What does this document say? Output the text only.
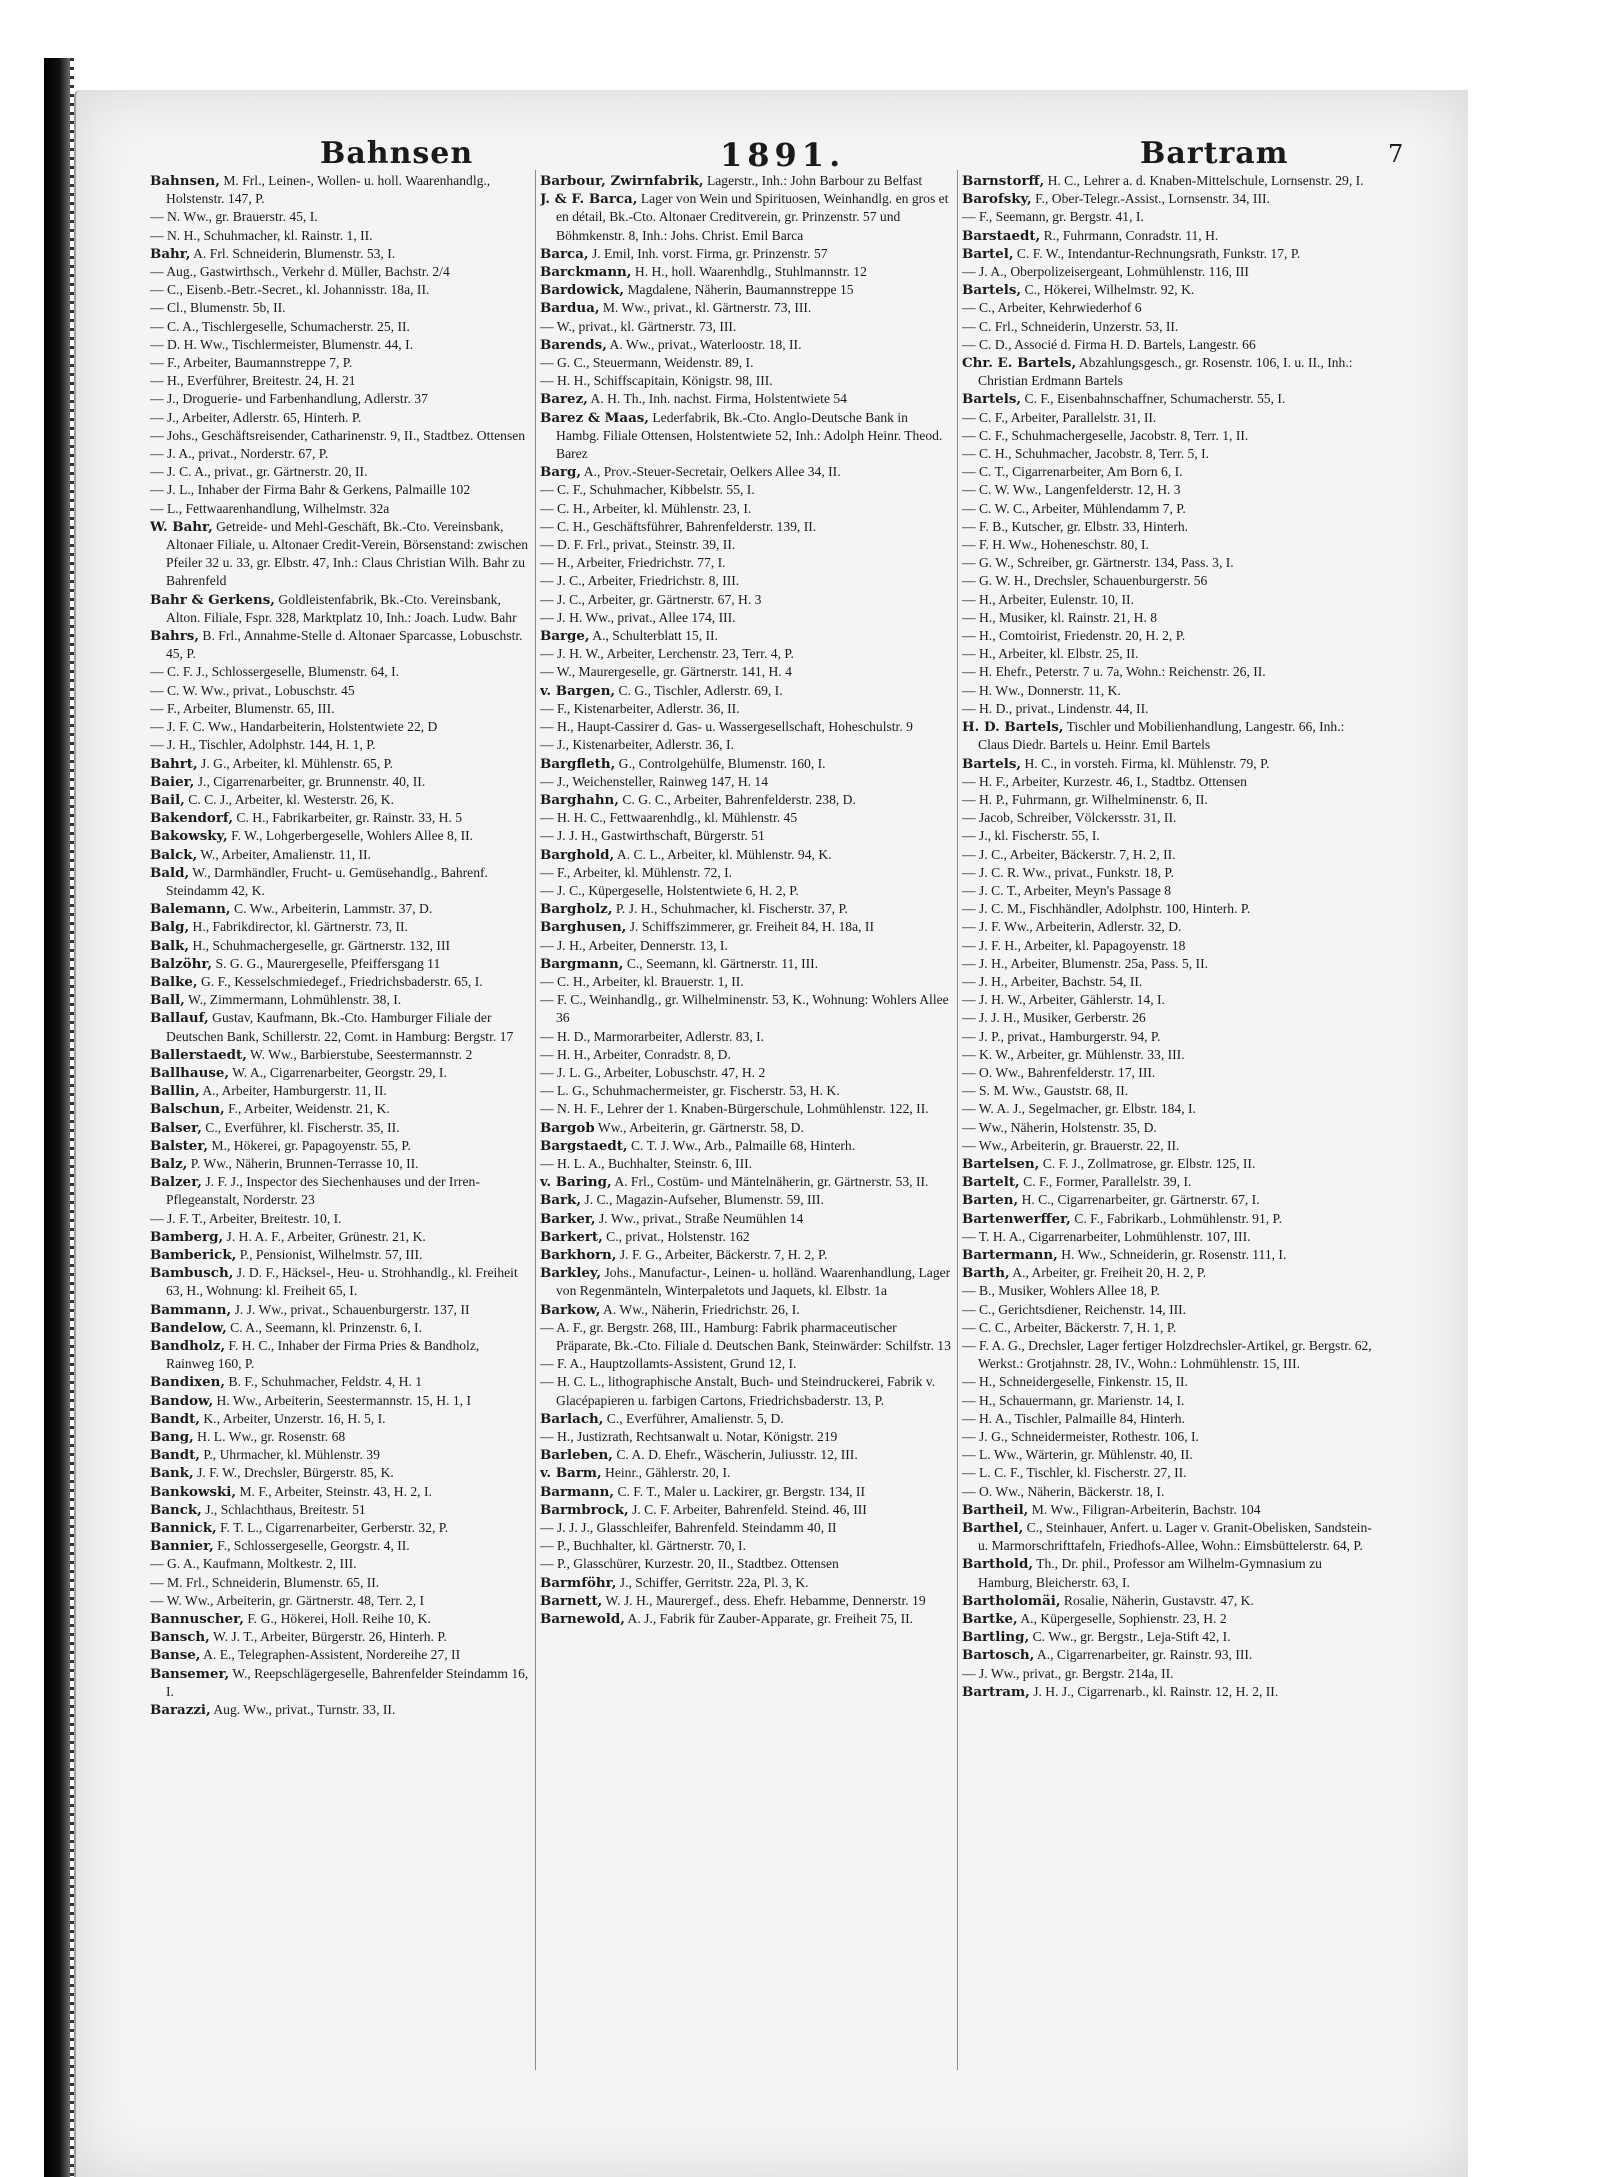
Bahnsen	1891.	Bartram	7

Bahnsen, M. Frl., Leinen-, Wollen- u. holl. Waarenhandlg., Holstenstr. 147, P.

— N. Ww., gr. Brauerstr. 45, I.

— N. H., Schuhmacher, kl. Rainstr. 1, II.

Bahr, A. Frl. Schneiderin, Blumenstr. 53, I.

— Aug., Gastwirthsch., Verkehr d. Müller, Bachstr. 2/4

— C., Eisenb.-Betr.-Secret., kl. Johannisstr. 18a, II.

— Cl., Blumenstr. 5b, II.

— C. A., Tischlergeselle, Schumacherstr. 25, II.

— D. H. Ww., Tischlermeister, Blumenstr. 44, I.

— F., Arbeiter, Baumannstreppe 7, P.

— H., Everführer, Breitestr. 24, H. 21

— J., Droguerie- und Farbenhandlung, Adlerstr. 37

— J., Arbeiter, Adlerstr. 65, Hinterh. P.

— Johs., Geschäftsreisender, Catharinenstr. 9, II., Stadtbez. Ottensen

— J. A., privat., Norderstr. 67, P.

— J. C. A., privat., gr. Gärtnerstr. 20, II.

— J. L., Inhaber der Firma Bahr & Gerkens, Palmaille 102

— L., Fettwaarenhandlung, Wilhelmstr. 32a

W. Bahr, Getreide- und Mehl-Geschäft, Bk.-Cto. Vereinsbank, Altonaer Filiale, u. Altonaer Credit-Verein, Börsenstand: zwischen Pfeiler 32 u. 33, gr. Elbstr. 47, Inh.: Claus Christian Wilh. Bahr zu Bahrenfeld

Bahr & Gerkens, Goldleistenfabrik, Bk.-Cto. Vereinsbank, Alton. Filiale, Fspr. 328, Marktplatz 10, Inh.: Joach. Ludw. Bahr

Bahrs, B. Frl., Annahme-Stelle d. Altonaer Sparcasse, Lobuschstr. 45, P.

— C. F. J., Schlossergeselle, Blumenstr. 64, I.

— C. W. Ww., privat., Lobuschstr. 45

— F., Arbeiter, Blumenstr. 65, III.

— J. F. C. Ww., Handarbeiterin, Holstentwiete 22, D

— J. H., Tischler, Adolphstr. 144, H. 1, P.

Bahrt, J. G., Arbeiter, kl. Mühlenstr. 65, P.

Baier, J., Cigarrenarbeiter, gr. Brunnenstr. 40, II.

Bail, C. C. J., Arbeiter, kl. Westerstr. 26, K.

Bakendorf, C. H., Fabrikarbeiter, gr. Rainstr. 33, H. 5

Bakowsky, F. W., Lohgerbergeselle, Wohlers Allee 8, II.

Balck, W., Arbeiter, Amalienstr. 11, II.

Bald, W., Darmhändler, Frucht- u. Gemüsehandlg., Bahrenf. Steindamm 42, K.

Balemann, C. Ww., Arbeiterin, Lammstr. 37, D.

Balg, H., Fabrikdirector, kl. Gärtnerstr. 73, II.

Balk, H., Schuhmachergeselle, gr. Gärtnerstr. 132, III

Balzöhr, S. G. G., Maurergeselle, Pfeiffersgang 11

Balke, G. F., Kesselschmiedegef., Friedrichsbaderstr. 65, I.

Ball, W., Zimmermann, Lohmühlenstr. 38, I.

Ballauf, Gustav, Kaufmann, Bk.-Cto. Hamburger Filiale der Deutschen Bank, Schillerstr. 22, Comt. in Hamburg: Bergstr. 17

Ballerstaedt, W. Ww., Barbierstube, Seestermannstr. 2

Ballhause, W. A., Cigarrenarbeiter, Georgstr. 29, I.

Ballin, A., Arbeiter, Hamburgerstr. 11, II.

Balschun, F., Arbeiter, Weidenstr. 21, K.

Balser, C., Everführer, kl. Fischerstr. 35, II.

Balster, M., Hökerei, gr. Papagoyenstr. 55, P.

Balz, P. Ww., Näherin, Brunnen-Terrasse 10, II.

Balzer, J. F. J., Inspector des Siechenhauses und der Irren-Pflegeanstalt, Norderstr. 23

— J. F. T., Arbeiter, Breitestr. 10, I.

Bamberg, J. H. A. F., Arbeiter, Grünestr. 21, K.

Bamberick, P., Pensionist, Wilhelmstr. 57, III.

Bambusch, J. D. F., Häcksel-, Heu- u. Strohhandlg., kl. Freiheit 63, H., Wohnung: kl. Freiheit 65, I.

Bammann, J. J. Ww., privat., Schauenburgerstr. 137, II

Bandelow, C. A., Seemann, kl. Prinzenstr. 6, I.

Bandholz, F. H. C., Inhaber der Firma Pries & Bandholz, Rainweg 160, P.

Bandixen, B. F., Schuhmacher, Feldstr. 4, H. 1

Bandow, H. Ww., Arbeiterin, Seestermannstr. 15, H. 1, I

Bandt, K., Arbeiter, Unzerstr. 16, H. 5, I.

Bang, H. L. Ww., gr. Rosenstr. 68

Bandt, P., Uhrmacher, kl. Mühlenstr. 39

Bank, J. F. W., Drechsler, Bürgerstr. 85, K.

Bankowski, M. F., Arbeiter, Steinstr. 43, H. 2, I.

Banck, J., Schlachthaus, Breitestr. 51

Bannick, F. T. L., Cigarrenarbeiter, Gerberstr. 32, P.

Bannier, F., Schlossergeselle, Georgstr. 4, II.

— G. A., Kaufmann, Moltkestr. 2, III.

— M. Frl., Schneiderin, Blumenstr. 65, II.

— W. Ww., Arbeiterin, gr. Gärtnerstr. 48, Terr. 2, I

Bannuscher, F. G., Hökerei, Holl. Reihe 10, K.

Bansch, W. J. T., Arbeiter, Bürgerstr. 26, Hinterh. P.

Banse, A. E., Telegraphen-Assistent, Nordereihe 27, II

Bansemer, W., Reepschlägergeselle, Bahrenfelder Steindamm 16, I.

Barazzi, Aug. Ww., privat., Turnstr. 33, II.

Barbour, Zwirnfabrik, Lagerstr., Inh.: John Barbour zu Belfast

J. & F. Barca, Lager von Wein und Spirituosen, Weinhandlg. en gros et en détail, Bk.-Cto. Altonaer Creditverein, gr. Prinzenstr. 57 und Böhmkenstr. 8, Inh.: Johs. Christ. Emil Barca

Barca, J. Emil, Inh. vorst. Firma, gr. Prinzenstr. 57

Barckmann, H. H., holl. Waarenhdlg., Stuhlmannstr. 12

Bardowick, Magdalene, Näherin, Baumannstreppe 15

Bardua, M. Ww., privat., kl. Gärtnerstr. 73, III.

— W., privat., kl. Gärtnerstr. 73, III.

Barends, A. Ww., privat., Waterloostr. 18, II.

— G. C., Steuermann, Weidenstr. 89, I.

— H. H., Schiffscapitain, Königstr. 98, III.

Barez, A. H. Th., Inh. nachst. Firma, Holstentwiete 54

Barez & Maas, Lederfabrik, Bk.-Cto. Anglo-Deutsche Bank in Hambg. Filiale Ottensen, Holstentwiete 52, Inh.: Adolph Heinr. Theod. Barez

Barg, A., Prov.-Steuer-Secretair, Oelkers Allee 34, II.

— C. F., Schuhmacher, Kibbelstr. 55, I.

— C. H., Arbeiter, kl. Mühlenstr. 23, I.

— C. H., Geschäftsführer, Bahrenfelderstr. 139, II.

— D. F. Frl., privat., Steinstr. 39, II.

— H., Arbeiter, Friedrichstr. 77, I.

— J. C., Arbeiter, Friedrichstr. 8, III.

— J. C., Arbeiter, gr. Gärtnerstr. 67, H. 3

— J. H. Ww., privat., Allee 174, III.

Barge, A., Schulterblatt 15, II.

— J. H. W., Arbeiter, Lerchenstr. 23, Terr. 4, P.

— W., Maurergeselle, gr. Gärtnerstr. 141, H. 4

v. Bargen, C. G., Tischler, Adlerstr. 69, I.

— F., Kistenarbeiter, Adlerstr. 36, II.

— H., Haupt-Cassirer d. Gas- u. Wassergesellschaft, Hoheschulstr. 9

— J., Kistenarbeiter, Adlerstr. 36, I.

Bargfleth, G., Controlgehülfe, Blumenstr. 160, I.

— J., Weichensteller, Rainweg 147, H. 14

Barghahn, C. G. C., Arbeiter, Bahrenfelderstr. 238, D.

— H. H. C., Fettwaarenhdlg., kl. Mühlenstr. 45

— J. J. H., Gastwirthschaft, Bürgerstr. 51

Barghold, A. C. L., Arbeiter, kl. Mühlenstr. 94, K.

— F., Arbeiter, kl. Mühlenstr. 72, I.

— J. C., Küpergeselle, Holstentwiete 6, H. 2, P.

Bargholz, P. J. H., Schuhmacher, kl. Fischerstr. 37, P.

Barghusen, J. Schiffszimmerer, gr. Freiheit 84, H. 18a, II

— J. H., Arbeiter, Dennerstr. 13, I.

Bargmann, C., Seemann, kl. Gärtnerstr. 11, III.

— C. H., Arbeiter, kl. Brauerstr. 1, II.

— F. C., Weinhandlg., gr. Wilhelminenstr. 53, K., Wohnung: Wohlers Allee 36

— H. D., Marmorarbeiter, Adlerstr. 83, I.

— H. H., Arbeiter, Conradstr. 8, D.

— J. L. G., Arbeiter, Lobuschstr. 47, H. 2

— L. G., Schuhmachermeister, gr. Fischerstr. 53, H. K.

— N. H. F., Lehrer der 1. Knaben-Bürgerschule, Lohmühlenstr. 122, II.

Bargob Ww., Arbeiterin, gr. Gärtnerstr. 58, D.

Bargstaedt, C. T. J. Ww., Arb., Palmaille 68, Hinterh.

— H. L. A., Buchhalter, Steinstr. 6, III.

v. Baring, A. Frl., Costüm- und Mäntelnäherin, gr. Gärtnerstr. 53, II.

Bark, J. C., Magazin-Aufseher, Blumenstr. 59, III.

Barker, J. Ww., privat., Straße Neumühlen 14

Barkert, C., privat., Holstenstr. 162

Barkhorn, J. F. G., Arbeiter, Bäckerstr. 7, H. 2, P.

Barkley, Johs., Manufactur-, Leinen- u. holländ. Waarenhandlung, Lager von Regenmänteln, Winterpaletots und Jaquets, kl. Elbstr. 1a

Barkow, A. Ww., Näherin, Friedrichstr. 26, I.

— A. F., gr. Bergstr. 268, III., Hamburg: Fabrik pharmaceutischer Präparate, Bk.-Cto. Filiale d. Deutschen Bank, Steinwärder: Schilfstr. 13

— F. A., Hauptzollamts-Assistent, Grund 12, I.

— H. C. L., lithographische Anstalt, Buch- und Steindruckerei, Fabrik v. Glacépapieren u. farbigen Cartons, Friedrichsbaderstr. 13, P.

Barlach, C., Everführer, Amalienstr. 5, D.

— H., Justizrath, Rechtsanwalt u. Notar, Königstr. 219

Barleben, C. A. D. Ehefr., Wäscherin, Juliusstr. 12, III.

v. Barm, Heinr., Gählerstr. 20, I.

Barmann, C. F. T., Maler u. Lackirer, gr. Bergstr. 134, II

Barmbrock, J. C. F. Arbeiter, Bahrenfeld. Steind. 46, III

— J. J. J., Glasschleifer, Bahrenfeld. Steindamm 40, II

— P., Buchhalter, kl. Gärtnerstr. 70, I.

— P., Glasschürer, Kurzestr. 20, II., Stadtbez. Ottensen

Barmföhr, J., Schiffer, Gerritstr. 22a, Pl. 3, K.

Barnett, W. J. H., Maurergef., dess. Ehefr. Hebamme, Dennerstr. 19

Barnewold, A. J., Fabrik für Zauber-Apparate, gr. Freiheit 75, II.

Barnstorff, H. C., Lehrer a. d. Knaben-Mittelschule, Lornsenstr. 29, I.

Barofsky, F., Ober-Telegr.-Assist., Lornsenstr. 34, III.

— F., Seemann, gr. Bergstr. 41, I.

Barstaedt, R., Fuhrmann, Conradstr. 11, H.

Bartel, C. F. W., Intendantur-Rechnungsrath, Funkstr. 17, P.

— J. A., Oberpolizeisergeant, Lohmühlenstr. 116, III

Bartels, C., Hökerei, Wilhelmstr. 92, K.

— C., Arbeiter, Kehrwiederhof 6

— C. Frl., Schneiderin, Unzerstr. 53, II.

— C. D., Associé d. Firma H. D. Bartels, Langestr. 66

Chr. E. Bartels, Abzahlungsgesch., gr. Rosenstr. 106, I. u. II., Inh.: Christian Erdmann Bartels

Bartels, C. F., Eisenbahnschaffner, Schumacherstr. 55, I.

— C. F., Arbeiter, Parallelstr. 31, II.

— C. F., Schuhmachergeselle, Jacobstr. 8, Terr. 1, II.

— C. H., Schuhmacher, Jacobstr. 8, Terr. 5, I.

— C. T., Cigarrenarbeiter, Am Born 6, I.

— C. W. Ww., Langenfelderstr. 12, H. 3

— C. W. C., Arbeiter, Mühlendamm 7, P.

— F. B., Kutscher, gr. Elbstr. 33, Hinterh.

— F. H. Ww., Hoheneschstr. 80, I.

— G. W., Schreiber, gr. Gärtnerstr. 134, Pass. 3, I.

— G. W. H., Drechsler, Schauenburgerstr. 56

— H., Arbeiter, Eulenstr. 10, II.

— H., Musiker, kl. Rainstr. 21, H. 8

— H., Comtoirist, Friedenstr. 20, H. 2, P.

— H., Arbeiter, kl. Elbstr. 25, II.

— H. Ehefr., Peterstr. 7 u. 7a, Wohn.: Reichenstr. 26, II.

— H. Ww., Donnerstr. 11, K.

— H. D., privat., Lindenstr. 44, II.

H. D. Bartels, Tischler und Mobilienhandlung, Langestr. 66, Inh.: Claus Diedr. Bartels u. Heinr. Emil Bartels

Bartels, H. C., in vorsteh. Firma, kl. Mühlenstr. 79, P.

— H. F., Arbeiter, Kurzestr. 46, I., Stadtbz. Ottensen

— H. P., Fuhrmann, gr. Wilhelminenstr. 6, II.

— Jacob, Schreiber, Völckersstr. 31, II.

— J., kl. Fischerstr. 55, I.

— J. C., Arbeiter, Bäckerstr. 7, H. 2, II.

— J. C. R. Ww., privat., Funkstr. 18, P.

— J. C. T., Arbeiter, Meyn's Passage 8

— J. C. M., Fischhändler, Adolphstr. 100, Hinterh. P.

— J. F. Ww., Arbeiterin, Adlerstr. 32, D.

— J. F. H., Arbeiter, kl. Papagoyenstr. 18

— J. H., Arbeiter, Blumenstr. 25a, Pass. 5, II.

— J. H., Arbeiter, Bachstr. 54, II.

— J. H. W., Arbeiter, Gählerstr. 14, I.

— J. J. H., Musiker, Gerberstr. 26

— J. P., privat., Hamburgerstr. 94, P.

— K. W., Arbeiter, gr. Mühlenstr. 33, III.

— O. Ww., Bahrenfelderstr. 17, III.

— S. M. Ww., Gauststr. 68, II.

— W. A. J., Segelmacher, gr. Elbstr. 184, I.

— Ww., Näherin, Holstenstr. 35, D.

— Ww., Arbeiterin, gr. Brauerstr. 22, II.

Bartelsen, C. F. J., Zollmatrose, gr. Elbstr. 125, II.

Bartelt, C. F., Former, Parallelstr. 39, I.

Barten, H. C., Cigarrenarbeiter, gr. Gärtnerstr. 67, I.

Bartenwerffer, C. F., Fabrikarb., Lohmühlenstr. 91, P.

— T. H. A., Cigarrenarbeiter, Lohmühlenstr. 107, III.

Bartermann, H. Ww., Schneiderin, gr. Rosenstr. 111, I.

Barth, A., Arbeiter, gr. Freiheit 20, H. 2, P.

— B., Musiker, Wohlers Allee 18, P.

— C., Gerichtsdiener, Reichenstr. 14, III.

— C. C., Arbeiter, Bäckerstr. 7, H. 1, P.

— F. A. G., Drechsler, Lager fertiger Holzdrechsler-Artikel, gr. Bergstr. 62, Werkst.: Grotjahnstr. 28, IV., Wohn.: Lohmühlenstr. 15, III.

— H., Schneidergeselle, Finkenstr. 15, II.

— H., Schauermann, gr. Marienstr. 14, I.

— H. A., Tischler, Palmaille 84, Hinterh.

— J. G., Schneidermeister, Rothestr. 106, I.

— L. Ww., Wärterin, gr. Mühlenstr. 40, II.

— L. C. F., Tischler, kl. Fischerstr. 27, II.

— O. Ww., Näherin, Bäckerstr. 18, I.

Bartheil, M. Ww., Filigran-Arbeiterin, Bachstr. 104

Barthel, C., Steinhauer, Anfert. u. Lager v. Granit-Obelisken, Sandstein- u. Marmorschrifttafeln, Friedhofs-Allee, Wohn.: Eimsbüttelerstr. 64, P.

Barthold, Th., Dr. phil., Professor am Wilhelm-Gymnasium zu Hamburg, Bleicherstr. 63, I.

Bartholomäi, Rosalie, Näherin, Gustavstr. 47, K.

Bartke, A., Küpergeselle, Sophienstr. 23, H. 2

Bartling, C. Ww., gr. Bergstr., Leja-Stift 42, I.

Bartosch, A., Cigarrenarbeiter, gr. Rainstr. 93, III.

— J. Ww., privat., gr. Bergstr. 214a, II.

Bartram, J. H. J., Cigarrenarb., kl. Rainstr. 12, H. 2, II.
